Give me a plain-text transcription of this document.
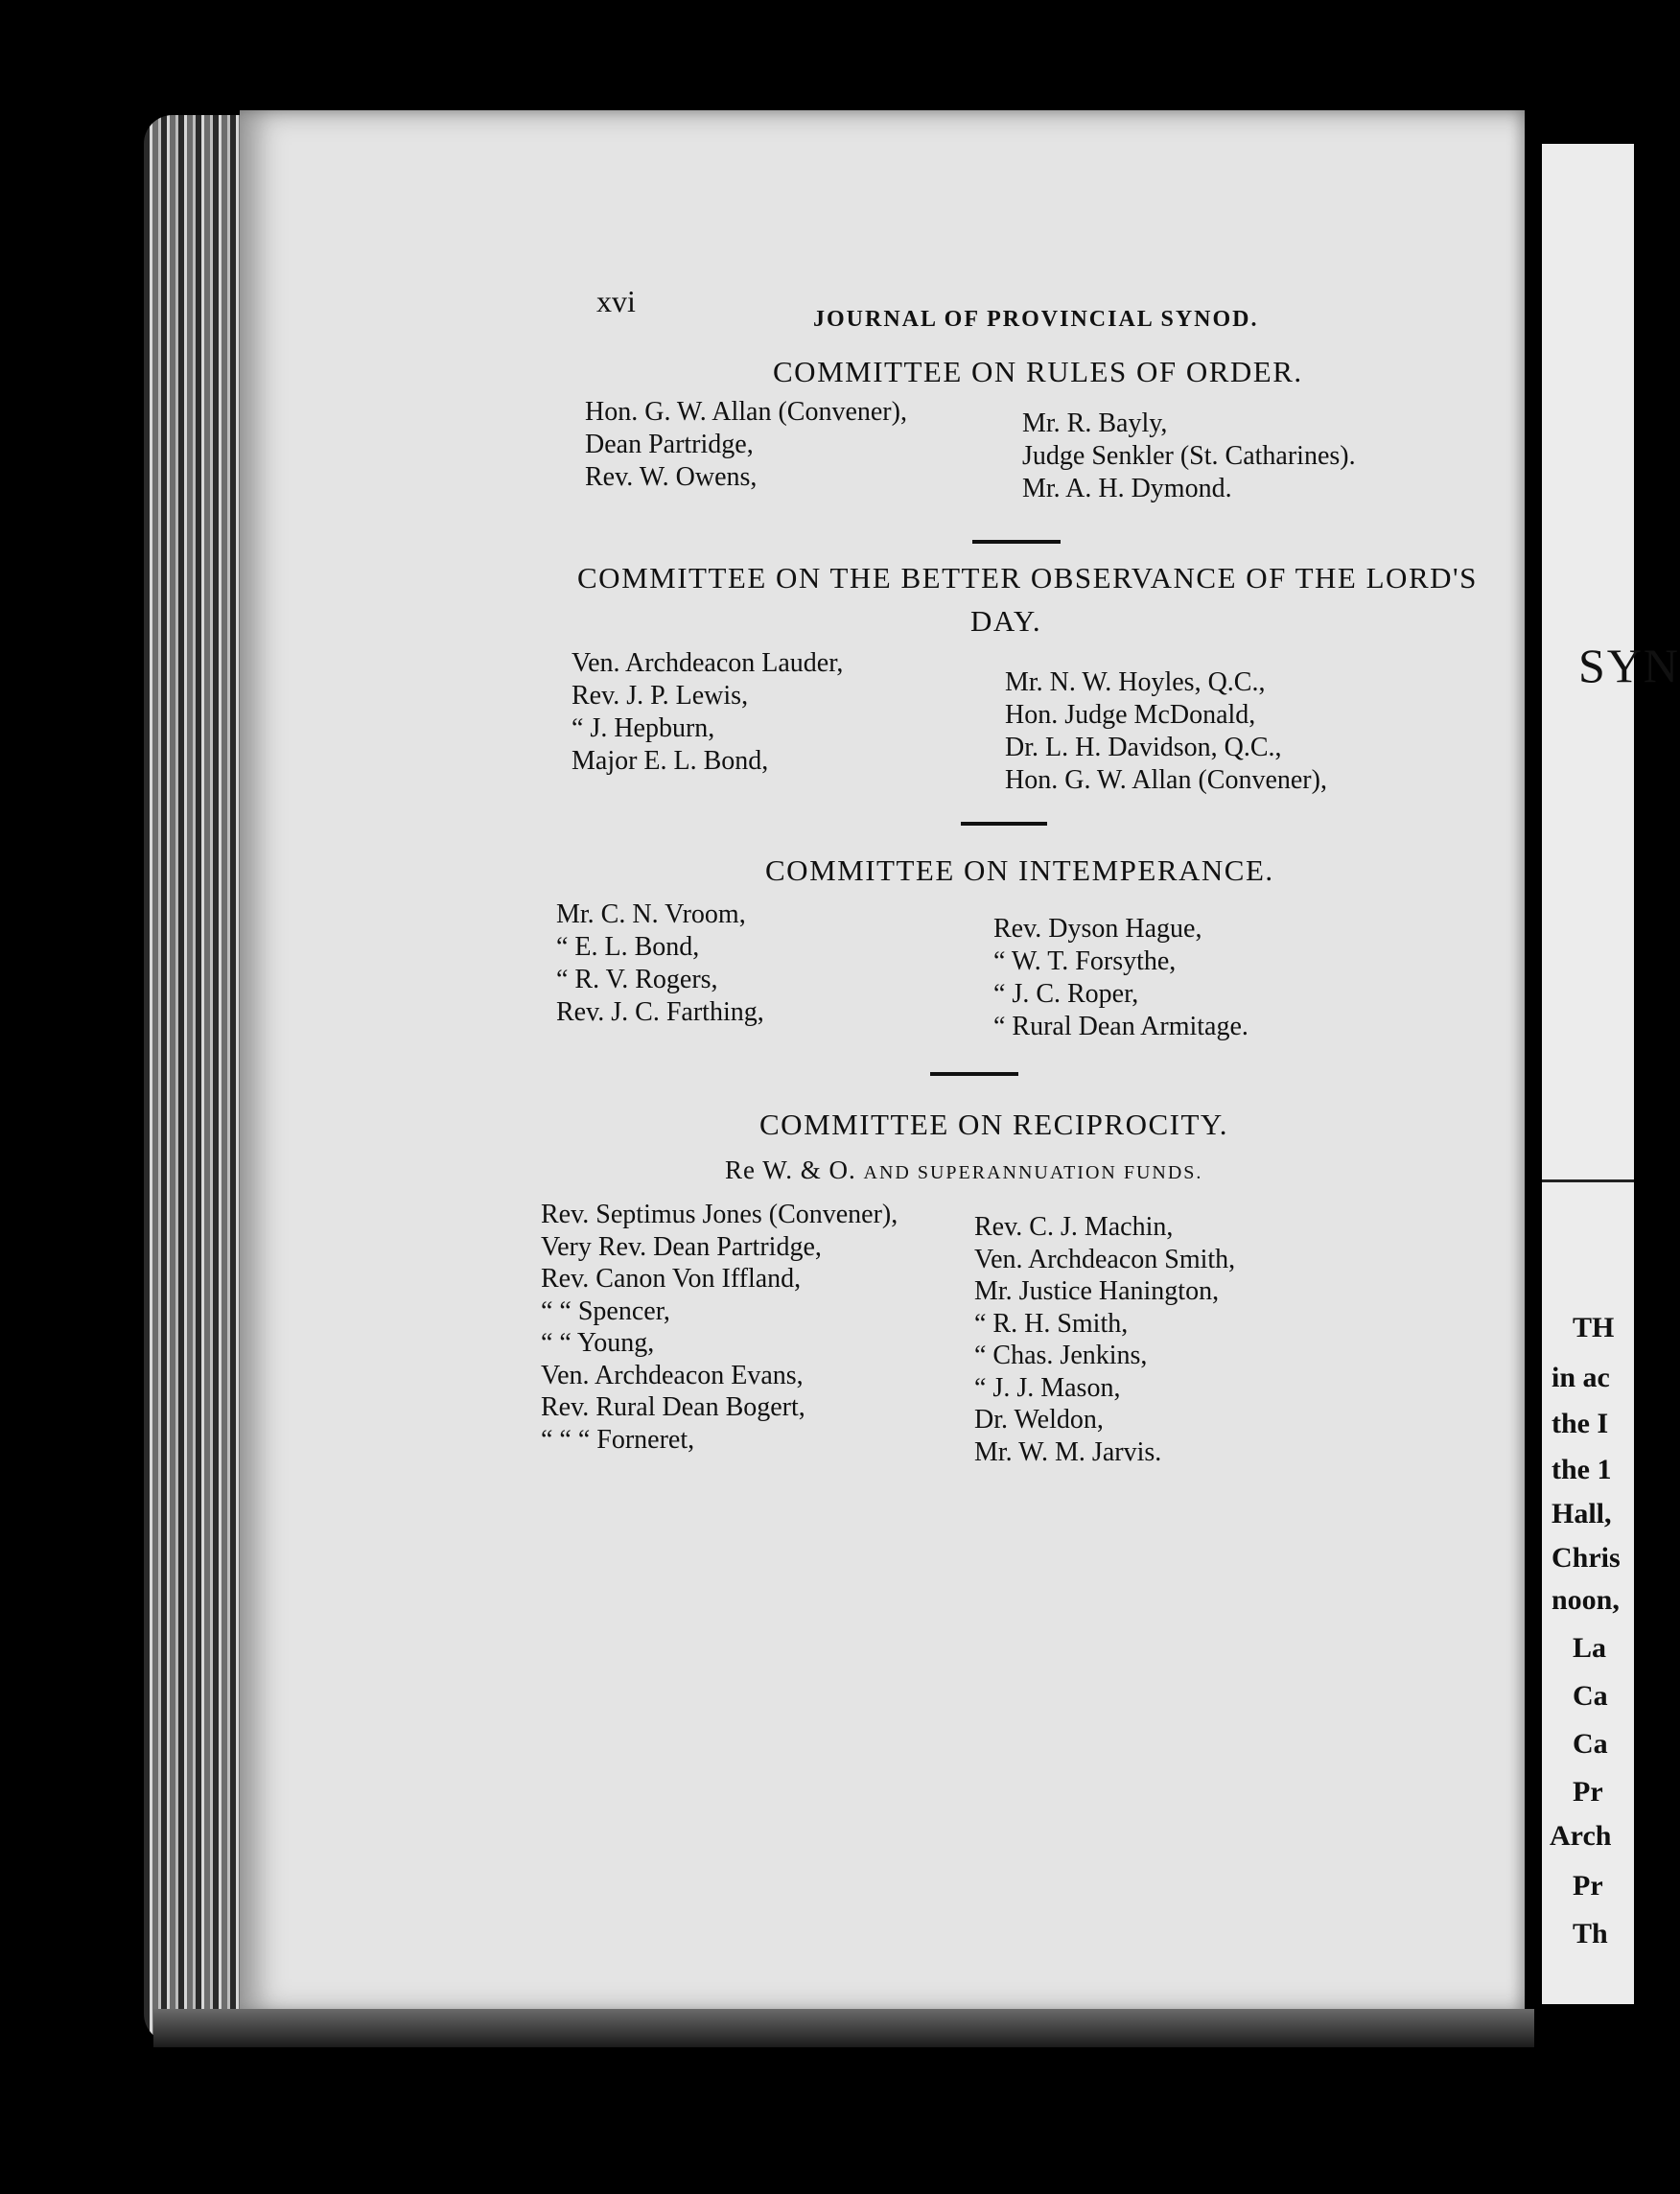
SYN
TH
in ac
the I
the 1
Hall,
Chris
noon,
La
Ca
Ca
Pr
Arch
Pr
Th
xvi
JOURNAL OF PROVINCIAL SYNOD.
COMMITTEE ON RULES OF ORDER.
Hon. G. W. Allan (Convener),
Dean Partridge,
Rev. W. Owens,
Mr. R. Bayly,
Judge Senkler (St. Catharines).
Mr. A. H. Dymond.
COMMITTEE ON THE BETTER OBSERVANCE OF THE LORD'S
DAY.
Ven. Archdeacon Lauder,
Rev. J. P. Lewis,
“ J. Hepburn,
Major E. L. Bond,
Mr. N. W. Hoyles, Q.C.,
Hon. Judge McDonald,
Dr. L. H. Davidson, Q.C.,
Hon. G. W. Allan (Convener),
COMMITTEE ON INTEMPERANCE.
Mr. C. N. Vroom,
“ E. L. Bond,
“ R. V. Rogers,
Rev. J. C. Farthing,
Rev. Dyson Hague,
“ W. T. Forsythe,
“ J. C. Roper,
“ Rural Dean Armitage.
COMMITTEE ON RECIPROCITY.
Re W. & O. AND SUPERANNUATION FUNDS.
Rev. Septimus Jones (Convener),
Very Rev. Dean Partridge,
Rev. Canon Von Iffland,
“ “ Spencer,
“ “ Young,
Ven. Archdeacon Evans,
Rev. Rural Dean Bogert,
“ “ “ Forneret,
Rev. C. J. Machin,
Ven. Archdeacon Smith,
Mr. Justice Hanington,
“ R. H. Smith,
“ Chas. Jenkins,
“ J. J. Mason,
Dr. Weldon,
Mr. W. M. Jarvis.
